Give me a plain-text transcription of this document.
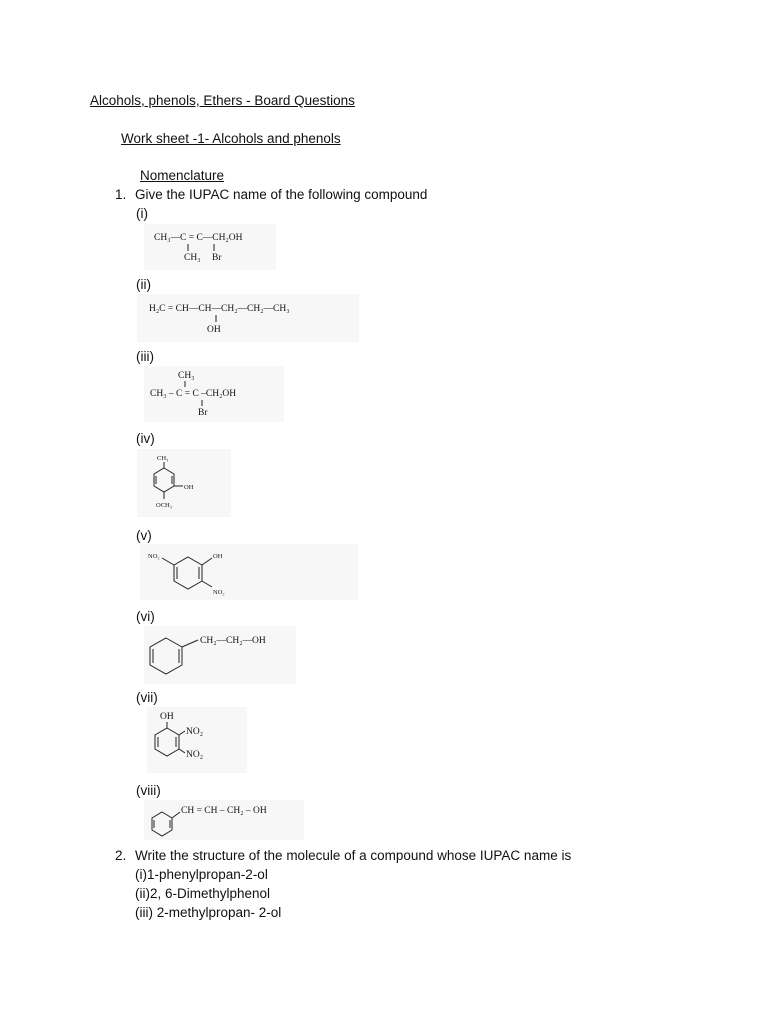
Alcohols, phenols, Ethers - Board Questions
Work sheet -1- Alcohols and phenols
Nomenclature
1. Give the IUPAC name of the following compound
(i)
CH₃—C = C—CH₂OH
CH₃ Br
(ii)
H₂C = CH—CH—CH₂—CH₂—CH₃
OH
(iii)
CH₃
CH₃ – C = C –CH₂OH
Br
(iv)
CH₃
OH
OCH₃
(v)
NO₂	OH
NO₂
(vi)
CH₂—CH₂—OH
(vii)
OH
NO₂
NO₂
(viii)
CH = CH – CH₂ – OH
2. Write the structure of the molecule of a compound whose IUPAC name is
(i)1-phenylpropan-2-ol
(ii)2, 6-Dimethylphenol
(iii) 2-methylpropan- 2-ol
